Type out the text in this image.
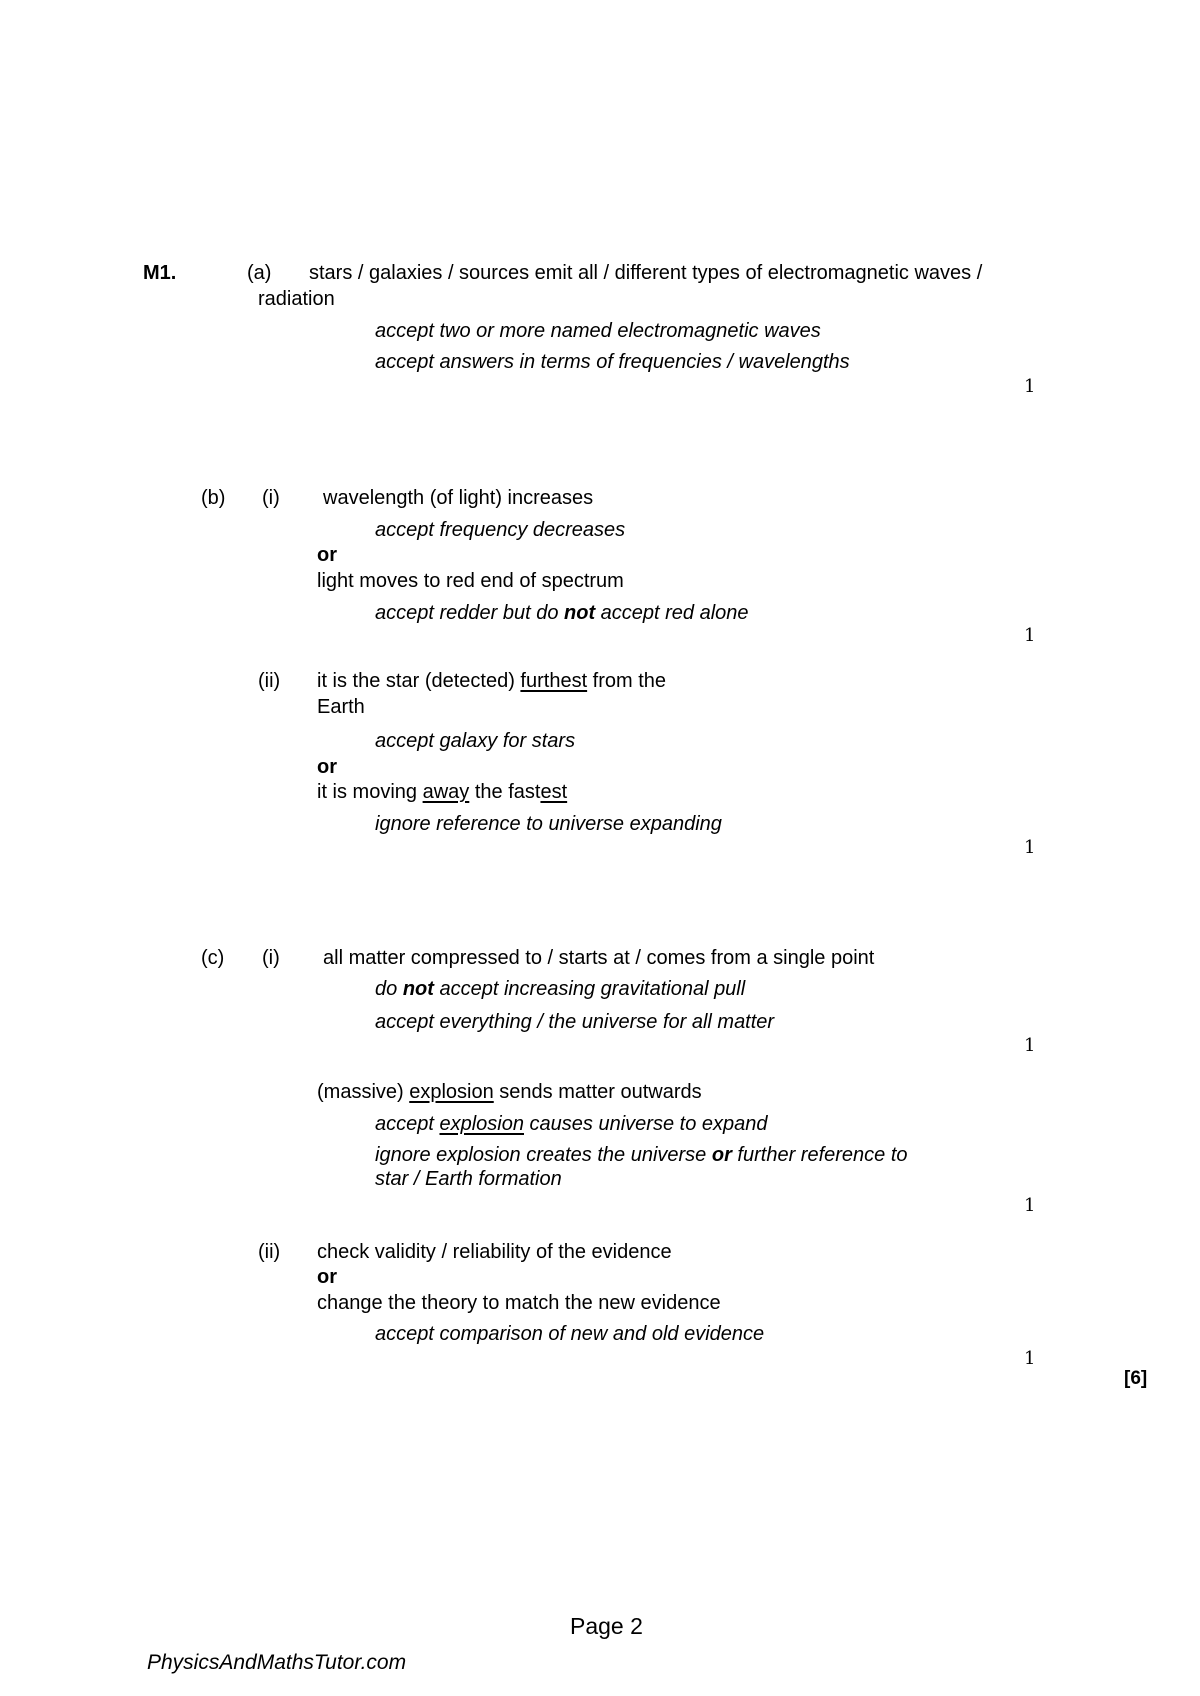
M1.	(a) stars / galaxies / sources emit all / different types of electromagnetic waves /
radiation
accept two or more named electromagnetic waves
accept answers in terms of frequencies / wavelengths
1
(b) (i) wavelength (of light) increases
accept frequency decreases
or
light moves to red end of spectrum
accept redder but do not accept red alone
1
(ii) it is the star (detected) furthest from the
Earth
accept galaxy for stars
or
it is moving away the fastest
ignore reference to universe expanding
1
(c) (i) all matter compressed to / starts at / comes from a single point
do not accept increasing gravitational pull
accept everything / the universe for all matter
1
(massive) explosion sends matter outwards
accept explosion causes universe to expand
ignore explosion creates the universe or further reference to
star / Earth formation
1
(ii) check validity / reliability of the evidence
or
change the theory to match the new evidence
accept comparison of new and old evidence
1
[6]
Page 2
PhysicsAndMathsTutor.com
